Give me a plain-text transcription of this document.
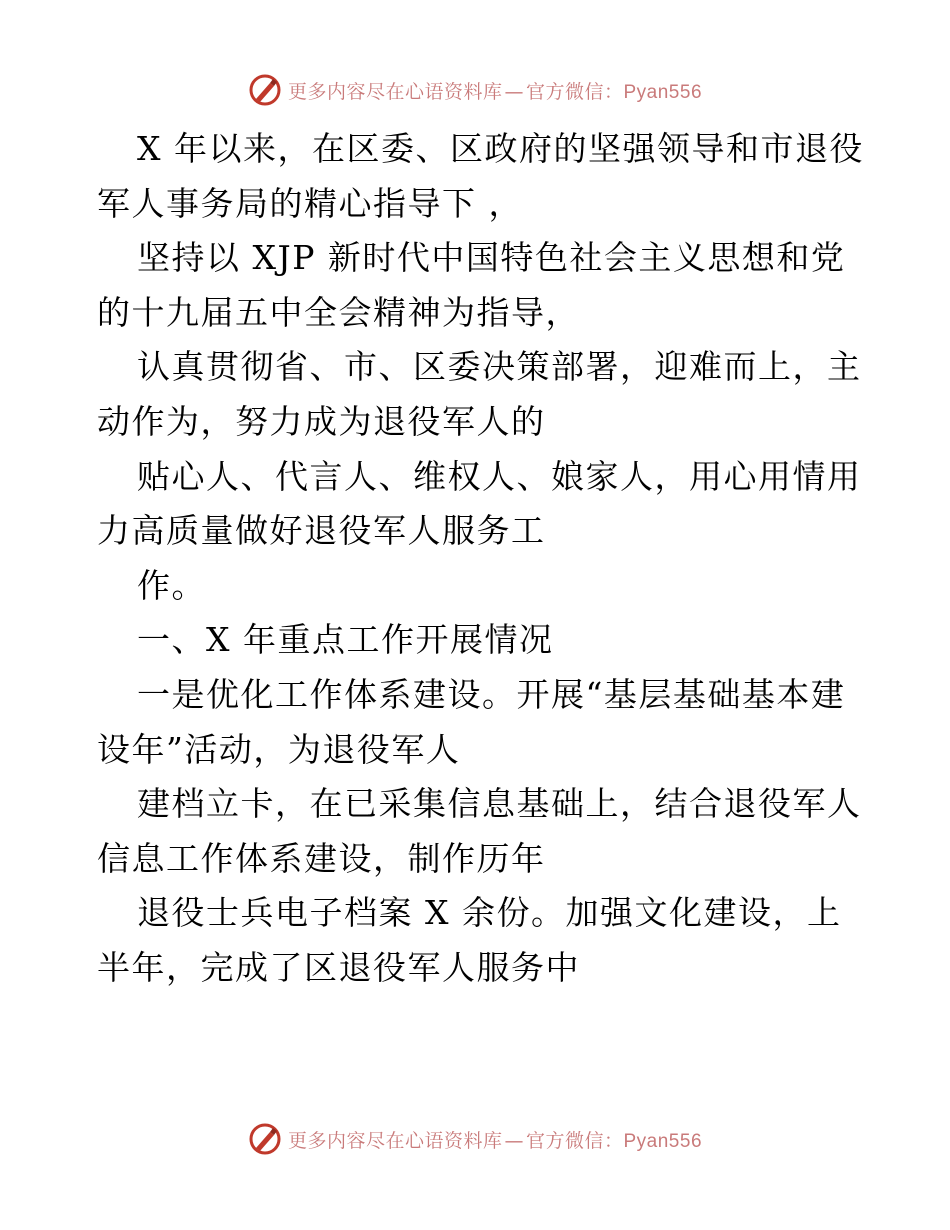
更多内容尽在心语资料库 — 官方微信：Pyan556
X 年以来，在区委、区政府的坚强领导和市退役
军人事务局的精心指导下 ，
坚持以 XJP 新时代中国特色社会主义思想和党
的十九届五中全会精神为指导，
认真贯彻省、市、区委决策部署，迎难而上，主
动作为，努力成为退役军人的
贴心人、代言人、维权人、娘家人，用心用情用
力高质量做好退役军人服务工
作。
一、X 年重点工作开展情况
一是优化工作体系建设。开展“基层基础基本建
设年”活动，为退役军人
建档立卡，在已采集信息基础上，结合退役军人
信息工作体系建设，制作历年
退役士兵电子档案 X 余份。加强文化建设，上
半年，完成了区退役军人服务中
更多内容尽在心语资料库 — 官方微信：Pyan556
